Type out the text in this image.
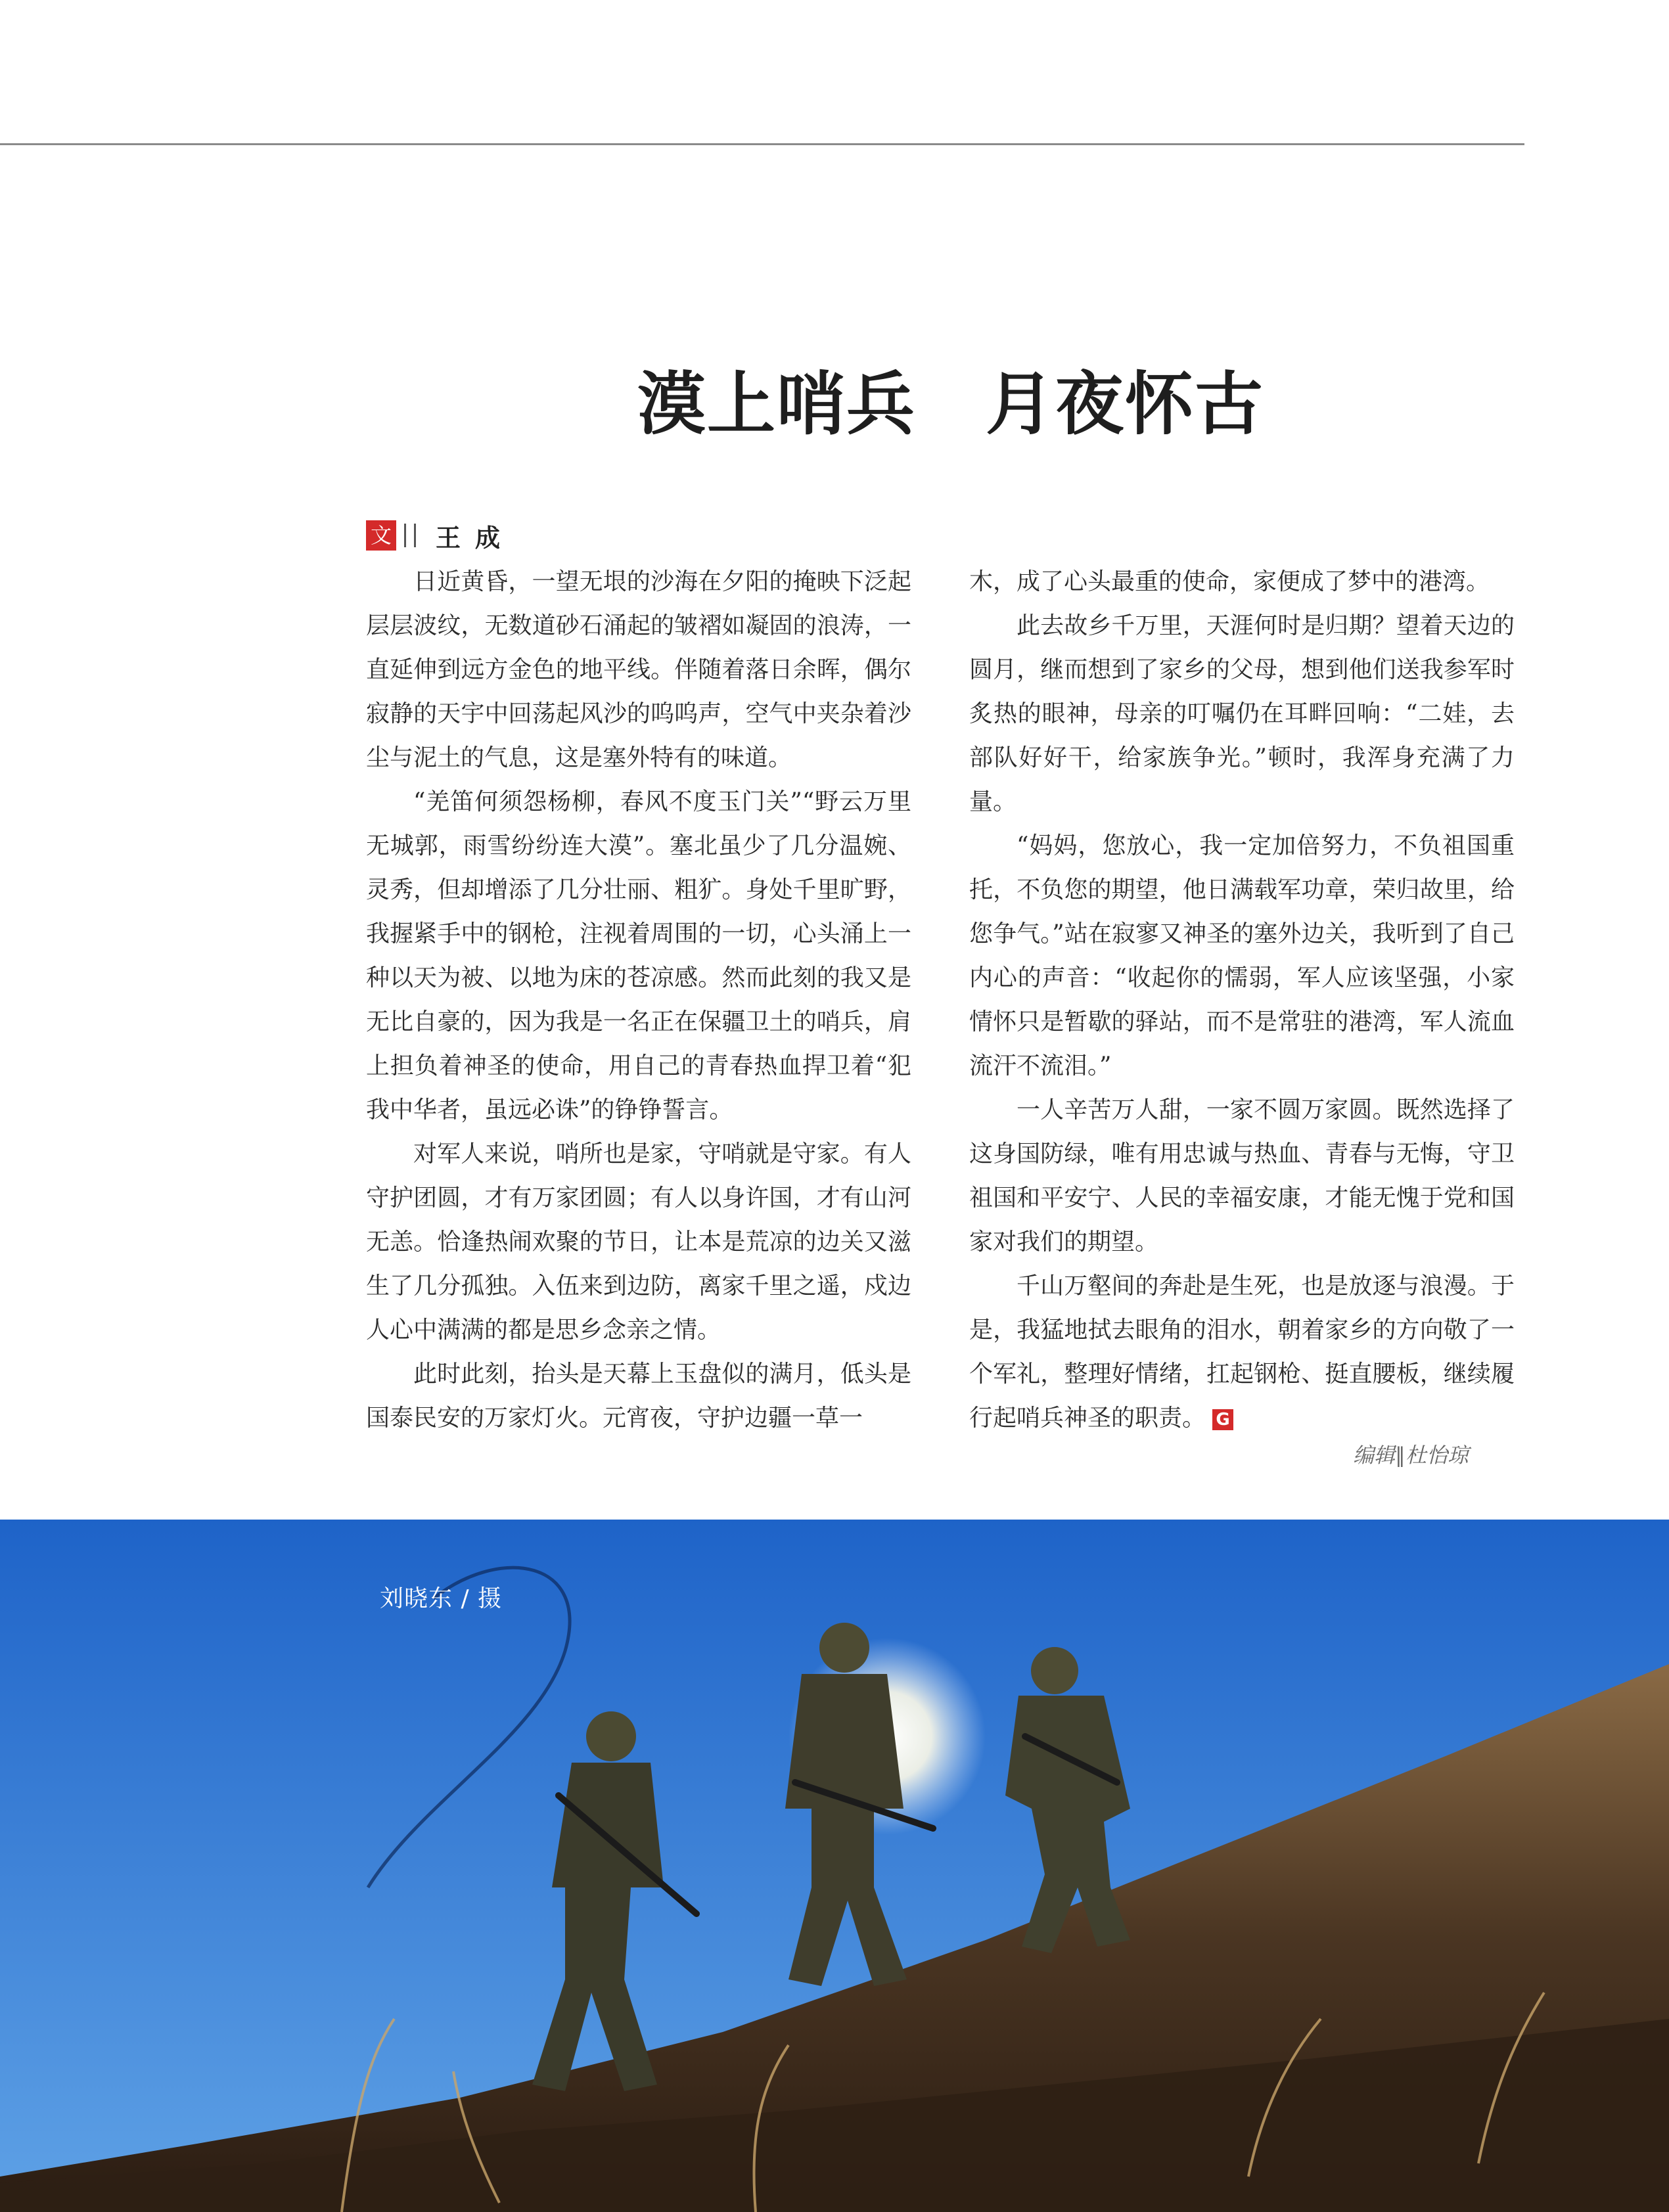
漠上哨兵　月夜怀古
文 王成

日近黄昏，一望无垠的沙海在夕阳的掩映下泛起层层波纹，无数道砂石涌起的皱褶如凝固的浪涛，一直延伸到远方金色的地平线。伴随着落日余晖，偶尔寂静的天宇中回荡起风沙的呜呜声，空气中夹杂着沙尘与泥土的气息，这是塞外特有的味道。

“羌笛何须怨杨柳，春风不度玉门关”“野云万里无城郭，雨雪纷纷连大漠”。塞北虽少了几分温婉、灵秀，但却增添了几分壮丽、粗犷。身处千里旷野，我握紧手中的钢枪，注视着周围的一切，心头涌上一种以天为被、以地为床的苍凉感。然而此刻的我又是无比自豪的，因为我是一名正在保疆卫土的哨兵，肩上担负着神圣的使命，用自己的青春热血捍卫着“犯我中华者，虽远必诛”的铮铮誓言。

对军人来说，哨所也是家，守哨就是守家。有人守护团圆，才有万家团圆；有人以身许国，才有山河无恙。恰逢热闹欢聚的节日，让本是荒凉的边关又滋生了几分孤独。入伍来到边防，离家千里之遥，戍边人心中满满的都是思乡念亲之情。

此时此刻，抬头是天幕上玉盘似的满月，低头是国泰民安的万家灯火。元宵夜，守护边疆一草一

木，成了心头最重的使命，家便成了梦中的港湾。

此去故乡千万里，天涯何时是归期？望着天边的圆月，继而想到了家乡的父母，想到他们送我参军时炙热的眼神，母亲的叮嘱仍在耳畔回响：“二娃，去部队好好干，给家族争光。”顿时，我浑身充满了力量。

“妈妈，您放心，我一定加倍努力，不负祖国重托，不负您的期望，他日满载军功章，荣归故里，给您争气。”站在寂寥又神圣的塞外边关，我听到了自己内心的声音：“收起你的懦弱，军人应该坚强，小家情怀只是暂歇的驿站，而不是常驻的港湾，军人流血流汗不流泪。”

一人辛苦万人甜，一家不圆万家圆。既然选择了这身国防绿，唯有用忠诚与热血、青春与无悔，守卫祖国和平安宁、人民的幸福安康，才能无愧于党和国家对我们的期望。

千山万壑间的奔赴是生死，也是放逐与浪漫。于是，我猛地拭去眼角的泪水，朝着家乡的方向敬了一个军礼，整理好情绪，扛起钢枪、挺直腰板，继续履行起哨兵神圣的职责。 G

编辑∥杜怡琼
刘晓东 / 摄
